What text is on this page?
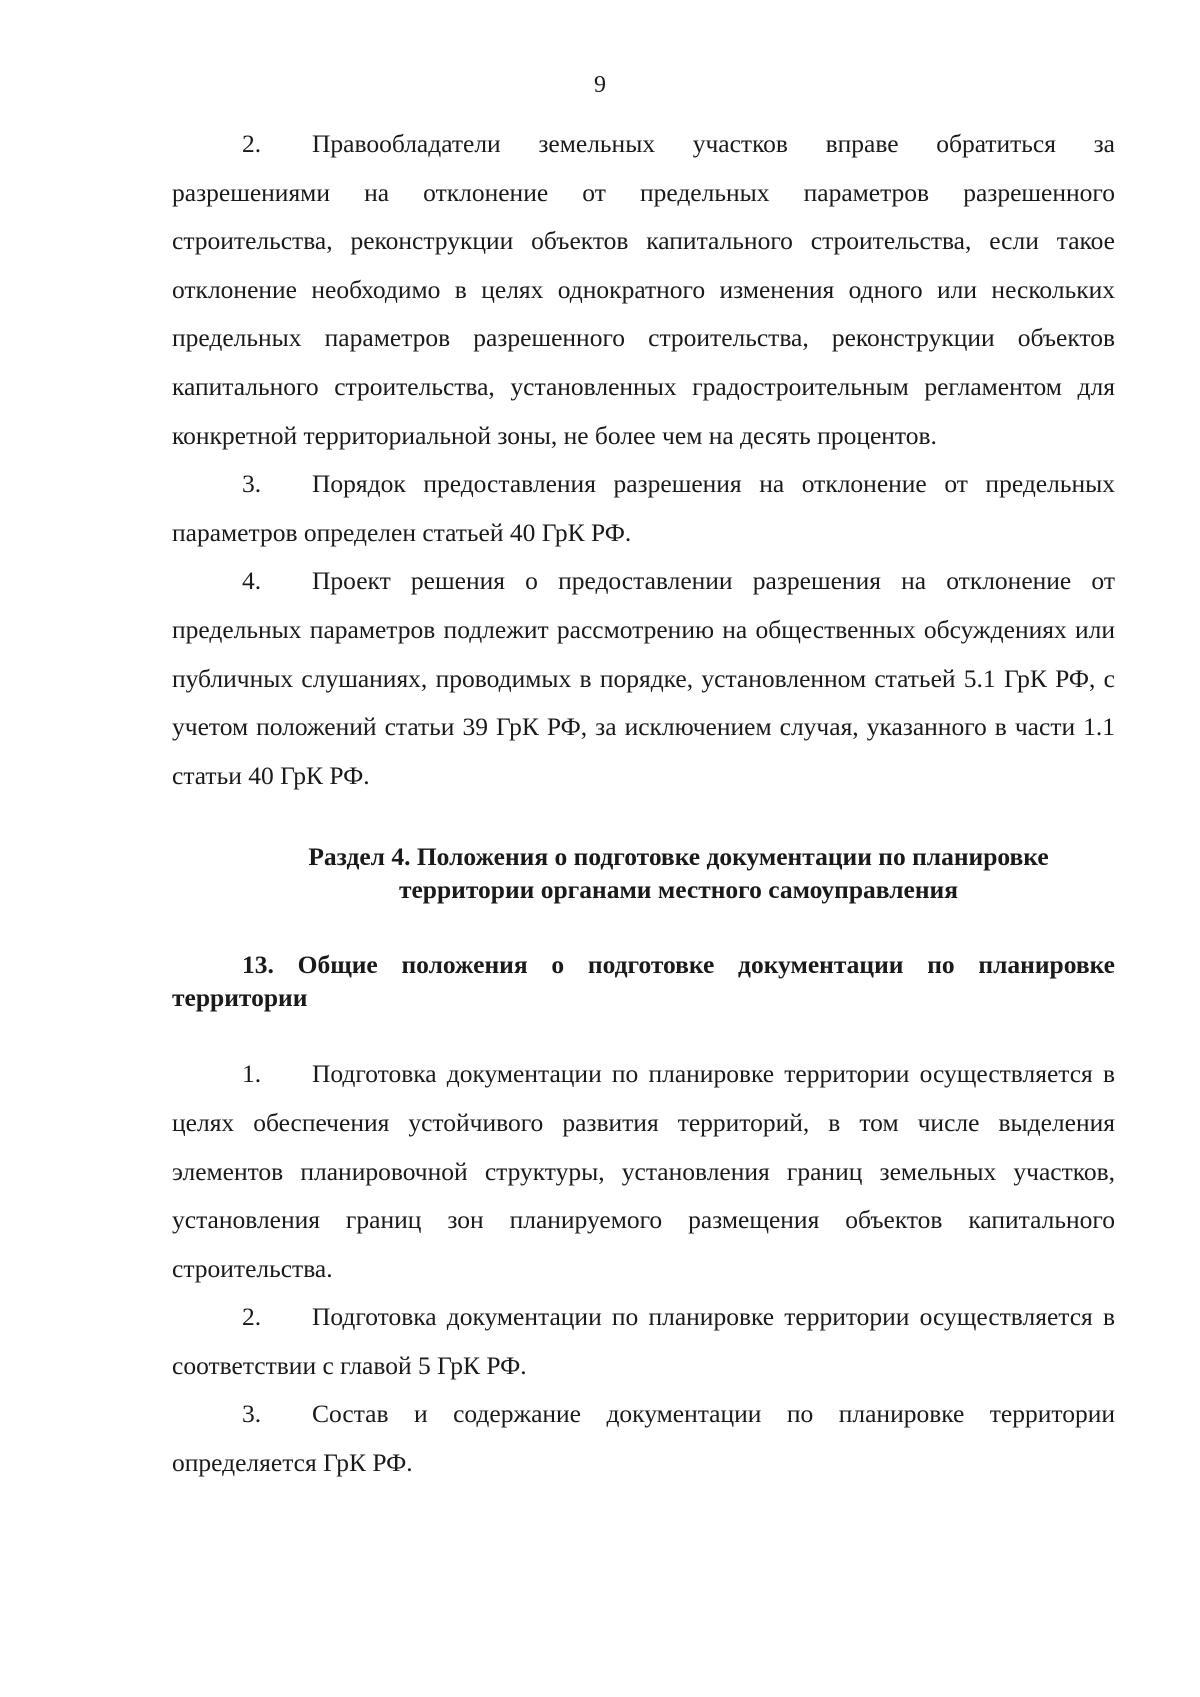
9

2. Правообладатели земельных участков вправе обратиться за разрешениями на отклонение от предельных параметров разрешенного строительства, реконструкции объектов капитального строительства, если такое отклонение необходимо в целях однократного изменения одного или нескольких предельных параметров разрешенного строительства, реконструкции объектов капитального строительства, установленных градостроительным регламентом для конкретной территориальной зоны, не более чем на десять процентов.

3. Порядок предоставления разрешения на отклонение от предельных параметров определен статьей 40 ГрК РФ.

4. Проект решения о предоставлении разрешения на отклонение от предельных параметров подлежит рассмотрению на общественных обсуждениях или публичных слушаниях, проводимых в порядке, установленном статьей 5.1 ГрК РФ, с учетом положений статьи 39 ГрК РФ, за исключением случая, указанного в части 1.1 статьи 40 ГрК РФ.

Раздел 4. Положения о подготовке документации по планировке
территории органами местного самоуправления
13. Общие положения о подготовке документации по планировке территории

1. Подготовка документации по планировке территории осуществляется в целях обеспечения устойчивого развития территорий, в том числе выделения элементов планировочной структуры, установления границ земельных участков, установления границ зон планируемого размещения объектов капитального строительства.

2. Подготовка документации по планировке территории осуществляется в соответствии с главой 5 ГрК РФ.

3. Состав и содержание документации по планировке территории определяется ГрК РФ.
